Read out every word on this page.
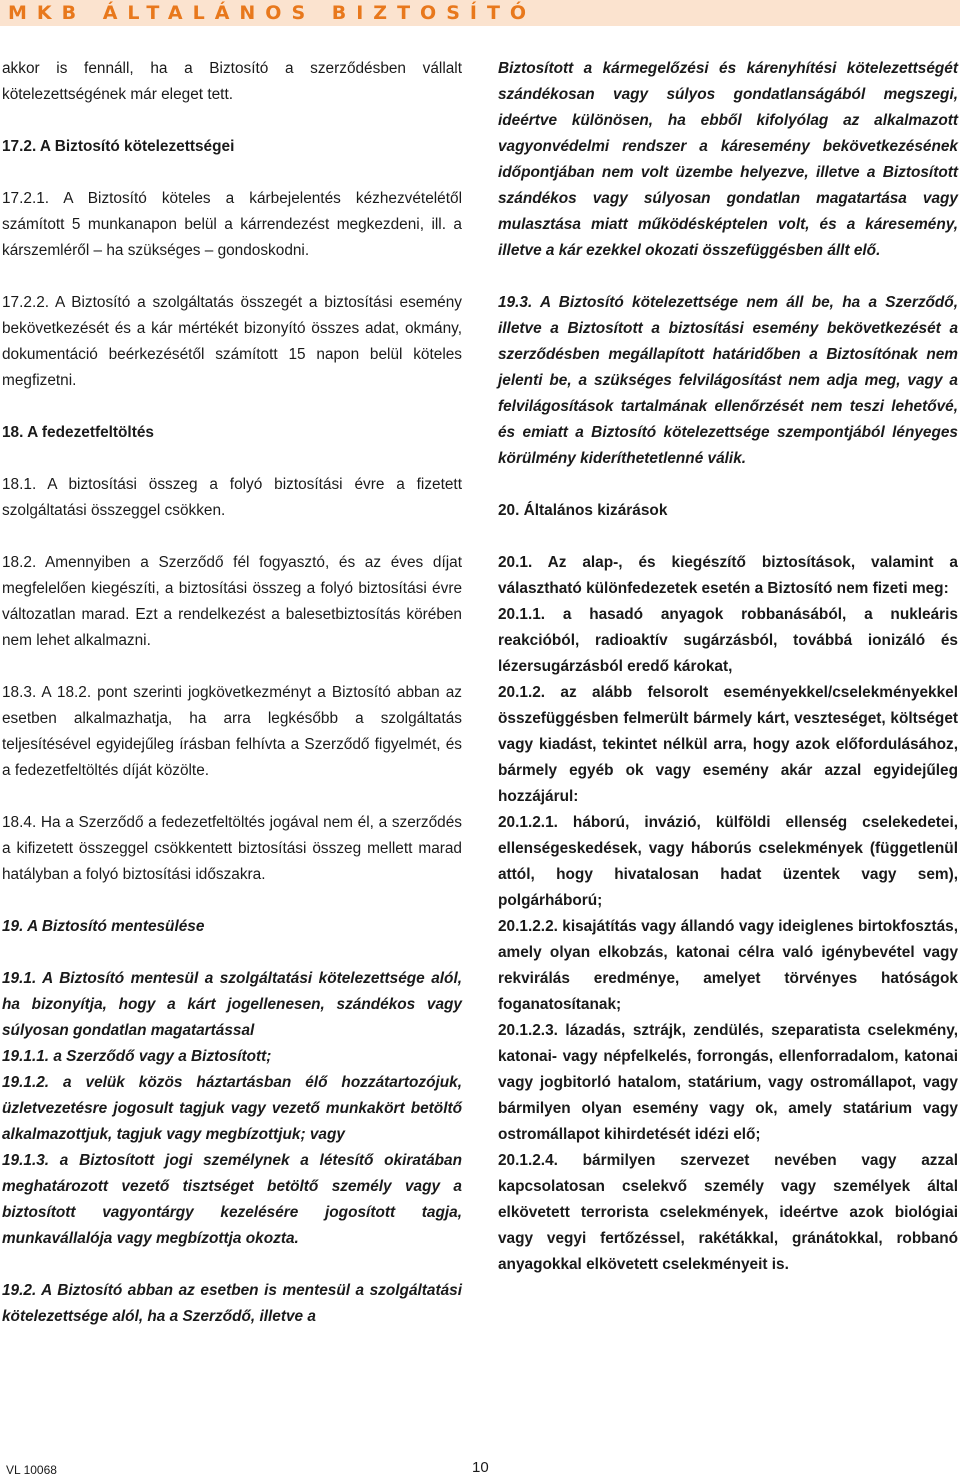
MKB ÁLTALÁNOS BIZTOSÍTÓ

akkor is fennáll, ha a Biztosító a szerződésben vállalt kötelezettségének már eleget tett.

17.2. A Biztosító kötelezettségei

17.2.1. A Biztosító köteles a kárbejelentés kézhezvételétől számított 5 munkanapon belül a kárrendezést megkezdeni, ill. a kárszemléről – ha szükséges – gondoskodni.

17.2.2. A Biztosító a szolgáltatás összegét a biztosítási esemény bekövetkezését és a kár mértékét bizonyító összes adat, okmány, dokumentáció beérkezésétől számított 15 napon belül köteles megfizetni.

18. A fedezetfeltöltés

18.1. A biztosítási összeg a folyó biztosítási évre a fizetett szolgáltatási összeggel csökken.

18.2. Amennyiben a Szerződő fél fogyasztó, és az éves díjat megfelelően kiegészíti, a biztosítási összeg a folyó biztosítási évre változatlan marad. Ezt a rendelkezést a balesetbiztosítás körében nem lehet alkalmazni.

18.3. A 18.2. pont szerinti jogkövetkezményt a Biztosító abban az esetben alkalmazhatja, ha arra legkésőbb a szolgáltatás teljesítésével egyidejűleg írásban felhívta a Szerződő figyelmét, és a fedezetfeltöltés díját közölte.

18.4. Ha a Szerződő a fedezetfeltöltés jogával nem él, a szerződés a kifizetett összeggel csökkentett biztosítási összeg mellett marad hatályban a folyó biztosítási időszakra.

19. A Biztosító mentesülése

19.1. A Biztosító mentesül a szolgáltatási kötelezettsége alól, ha bizonyítja, hogy a kárt jogellenesen, szándékos vagy súlyosan gondatlan magatartással

19.1.1. a Szerződő vagy a Biztosított;

19.1.2. a velük közös háztartásban élő hozzátartozójuk, üzletvezetésre jogosult tagjuk vagy vezető munkakört betöltő alkalmazottjuk, tagjuk vagy megbízottjuk; vagy

19.1.3. a Biztosított jogi személynek a létesítő okiratában meghatározott vezető tisztséget betöltő személy vagy a biztosított vagyontárgy kezelésére jogosított tagja, munkavállalója vagy megbízottja okozta.

19.2. A Biztosító abban az esetben is mentesül a szolgáltatási kötelezettsége alól, ha a Szerződő, illetve a

Biztosított a kármegelőzési és kárenyhítési kötelezettségét szándékosan vagy súlyos gondatlanságából megszegi, ideértve különösen, ha ebből kifolyólag az alkalmazott vagyonvédelmi rendszer a káresemény bekövetkezésének időpontjában nem volt üzembe helyezve, illetve a Biztosított szándékos vagy súlyosan gondatlan magatartása vagy mulasztása miatt működésképtelen volt, és a káresemény, illetve a kár ezekkel okozati összefüggésben állt elő.

19.3. A Biztosító kötelezettsége nem áll be, ha a Szerződő, illetve a Biztosított a biztosítási esemény bekövetkezését a szerződésben megállapított határidőben a Biztosítónak nem jelenti be, a szükséges felvilágosítást nem adja meg, vagy a felvilágosítások tartalmának ellenőrzését nem teszi lehetővé, és emiatt a Biztosító kötelezettsége szempontjából lényeges körülmény kideríthetetlenné válik.

20. Általános kizárások

20.1. Az alap-, és kiegészítő biztosítások, valamint a választható különfedezetek esetén a Biztosító nem fizeti meg:

20.1.1. a hasadó anyagok robbanásából, a nukleáris reakcióból, radioaktív sugárzásból, továbbá ionizáló és lézersugárzásból eredő károkat,

20.1.2. az alább felsorolt eseményekkel/cselekményekkel összefüggésben felmerült bármely kárt, veszteséget, költséget vagy kiadást, tekintet nélkül arra, hogy azok előfordulásához, bármely egyéb ok vagy esemény akár azzal egyidejűleg hozzájárul:

20.1.2.1. háború, invázió, külföldi ellenség cselekedetei, ellenségeskedések, vagy háborús cselekmények (függetlenül attól, hogy hivatalosan hadat üzentek vagy sem), polgárháború;

20.1.2.2. kisajátítás vagy állandó vagy ideiglenes birtokfosztás, amely olyan elkobzás, katonai célra való igénybevétel vagy rekvirálás eredménye, amelyet törvényes hatóságok foganatosítanak;

20.1.2.3. lázadás, sztrájk, zendülés, szeparatista cselekmény, katonai- vagy népfelkelés, forrongás, ellenforradalom, katonai vagy jogbitorló hatalom, statárium, vagy ostromállapot, vagy bármilyen olyan esemény vagy ok, amely statárium vagy ostromállapot kihirdetését idézi elő;

20.1.2.4. bármilyen szervezet nevében vagy azzal kapcsolatosan cselekvő személy vagy személyek által elkövetett terrorista cselekmények, ideértve azok biológiai vagy vegyi fertőzéssel, rakétákkal, gránátokkal, robbanó anyagokkal elkövetett cselekményeit is.

VL 10068	10
